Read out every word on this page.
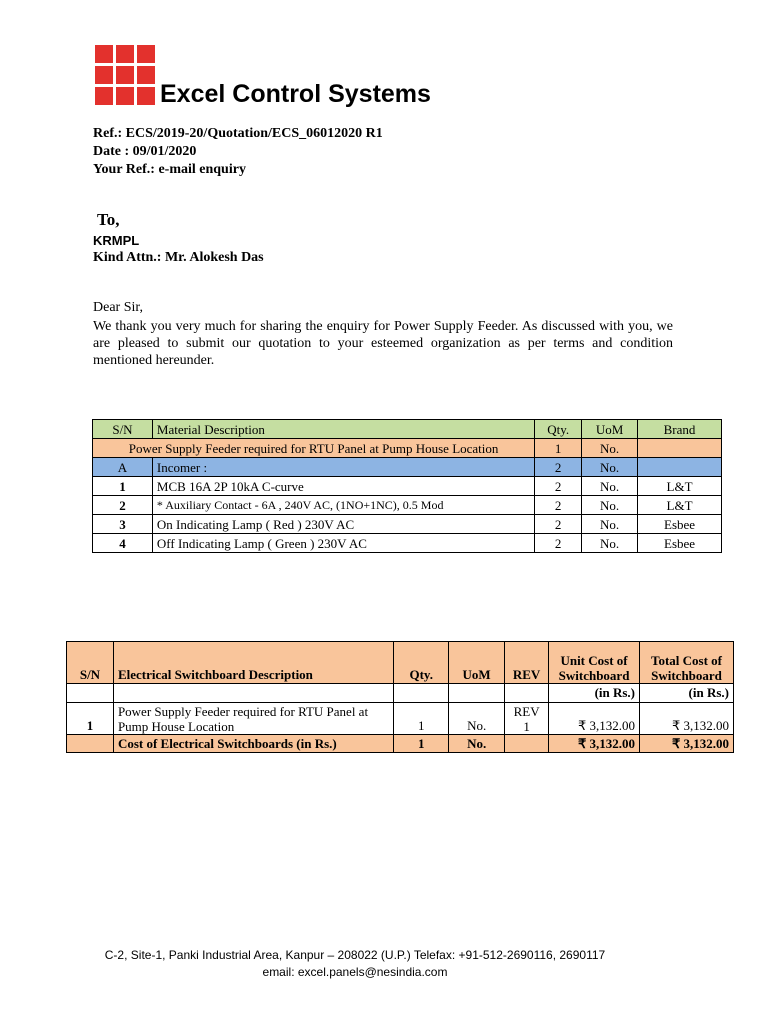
Excel Control Systems
Ref.: ECS/2019-20/Quotation/ECS_06012020 R1
Date : 09/01/2020
Your Ref.: e-mail enquiry
To,
KRMPL
Kind Attn.: Mr. Alokesh Das
Dear Sir,
We thank you very much for sharing the enquiry for Power Supply Feeder. As discussed with you, we are pleased to submit our quotation to your esteemed organization as per terms and condition mentioned hereunder.
S/N	Material Description	Qty.	UoM	Brand
Power Supply Feeder required for RTU Panel at Pump House Location		1	No.	
A	Incomer :	2	No.	
1	MCB 16A 2P 10kA C-curve	2	No.	L&T
2	* Auxiliary Contact - 6A , 240V AC, (1NO+1NC), 0.5 Mod	2	No.	L&T
3	On Indicating Lamp ( Red ) 230V AC	2	No.	Esbee
4	Off Indicating Lamp ( Green ) 230V AC	2	No.	Esbee
S/N	Electrical Switchboard Description	Qty.	UoM	REV	Unit Cost of Switchboard	Total Cost of Switchboard
					(in Rs.)	(in Rs.)
1	Power Supply Feeder required for RTU Panel at Pump House Location	1	No.	REV 1	₹ 3,132.00	₹ 3,132.00
	Cost of Electrical Switchboards (in Rs.)	1	No.		₹ 3,132.00	₹ 3,132.00
C-2, Site-1, Panki Industrial Area, Kanpur – 208022 (U.P.) Telefax: +91-512-2690116, 2690117
email: excel.panels@nesindia.com
